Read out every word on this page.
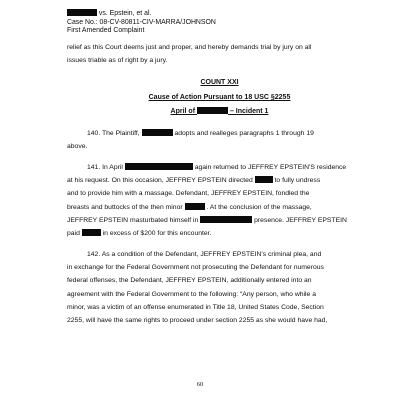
vs. Epstein, et al.
Case No.: 08-CV-80811-CIV-MARRA/JOHNSON
First Amended Complaint
relief as this Court deems just and proper, and hereby demands trial by jury on all
issues triable as of right by a jury.
COUNT XXI
Cause of Action Pursuant to 18 USC §2255
April of	– Incident 1
140. The Plaintiff,	adopts and realleges paragraphs 1 through 19
above.
141. In April	again returned to JEFFREY EPSTEIN'S residence
at his request. On this occasion, JEFFREY EPSTEIN directed	to fully undress
and to provide him with a massage. Defendant, JEFFREY EPSTEIN, fondled the
breasts and buttocks of the then minor	. At the conclusion of the massage,
JEFFREY EPSTEIN masturbated himself in	presence. JEFFREY EPSTEIN
paid	in excess of $200 for this encounter.
142. As a condition of the Defendant, JEFFREY EPSTEIN's criminal plea, and
in exchange for the Federal Government not prosecuting the Defendant for numerous
federal offenses, the Defendant, JEFFREY EPSTEIN, additionally entered into an
agreement with the Federal Government to the following: “Any person, who while a
minor, was a victim of an offense enumerated in Title 18, United States Code, Section
2255, will have the same rights to proceed under section 2255 as she would have had,
60
